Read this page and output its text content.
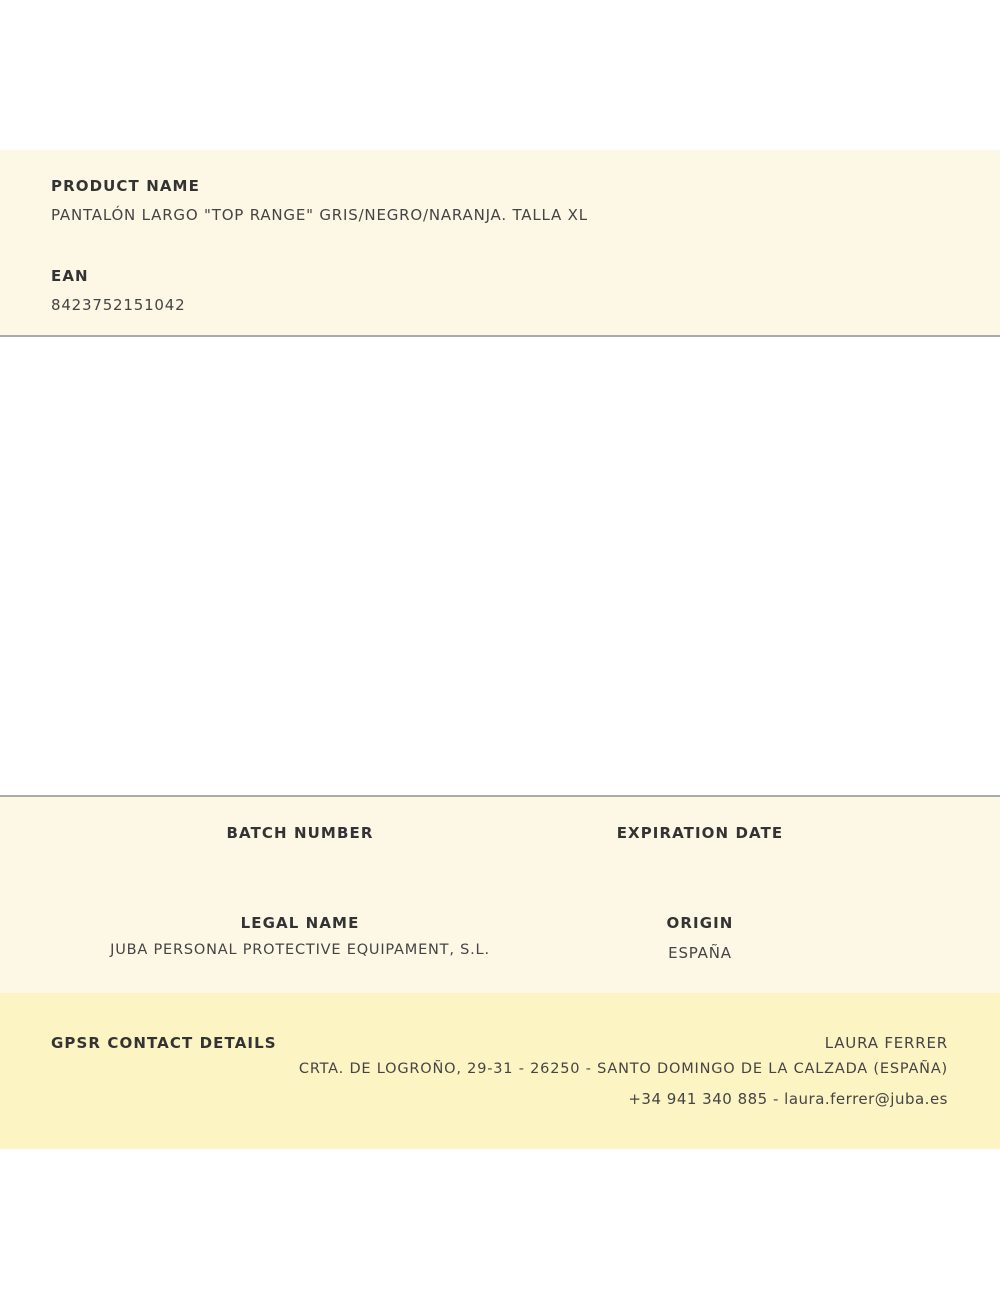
PRODUCT NAME
PANTALÓN LARGO "TOP RANGE" GRIS/NEGRO/NARANJA. TALLA XL
EAN
8423752151042
BATCH NUMBER	EXPIRATION DATE
LEGAL NAME
JUBA PERSONAL PROTECTIVE EQUIPAMENT, S.L.
ORIGIN
ESPAÑA
GPSR CONTACT DETAILS	LAURA FERRER
CRTA. DE LOGROÑO, 29-31 - 26250 - SANTO DOMINGO DE LA CALZADA (ESPAÑA)
+34 941 340 885 - laura.ferrer@juba.es
